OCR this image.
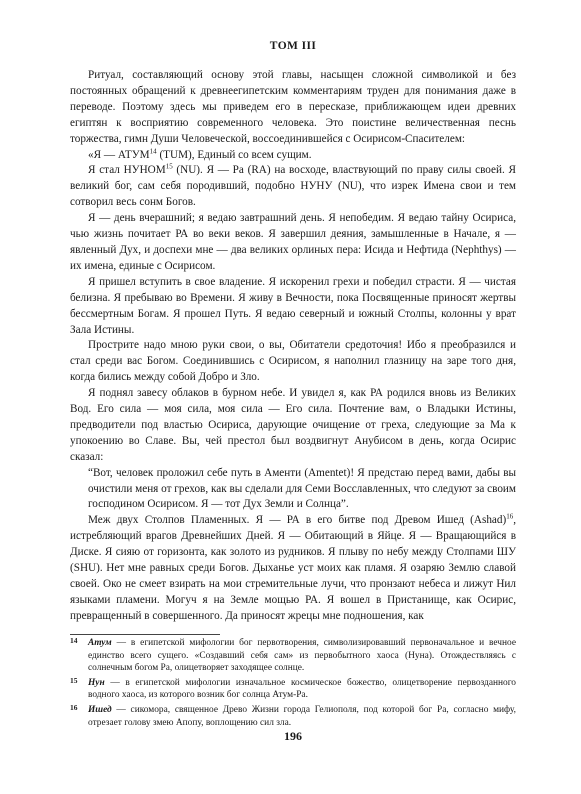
ТОМ III

Ритуал, составляющий основу этой главы, насыщен сложной символикой и без постоянных обращений к древнеегипетским комментариям труден для понимания даже в переводе. Поэтому здесь мы приведем его в пересказе, приближающем идеи древних египтян к восприятию современного человека. Это поистине величественная песнь торжества, гимн Души Человеческой, воссоединившейся с Осирисом-Спасителем:

«Я — АТУМ$^{14}$ (TUM), Единый со всем сущим.

Я стал НУНОМ$^{15}$ (NU). Я — Ра (RA) на восходе, властвующий по праву силы своей. Я великий бог, сам себя породивший, подобно НУНУ (NU), что изрек Имена свои и тем сотворил весь сонм Богов.

Я — день вчерашний; я ведаю завтрашний день. Я непобедим. Я ведаю тайну Осириса, чью жизнь почитает РА во веки веков. Я завершил деяния, замышленные в Начале, я — явленный Дух, и доспехи мне — два великих орлиных пера: Исида и Нефтида (Nephthys) — их имена, единые с Осирисом.

Я пришел вступить в свое владение. Я искоренил грехи и победил страсти. Я — чистая белизна. Я пребываю во Времени. Я живу в Вечности, пока Посвященные приносят жертвы бессмертным Богам. Я прошел Путь. Я ведаю северный и южный Столпы, колонны у врат Зала Истины.

Прострите надо мною руки свои, о вы, Обитатели средоточия! Ибо я преобразился и стал среди вас Богом. Соединившись с Осирисом, я наполнил глазницу на заре того дня, когда бились между собой Добро и Зло.

Я поднял завесу облаков в бурном небе. И увидел я, как РА родился вновь из Великих Вод. Его сила — моя сила, моя сила — Его сила. Почтение вам, о Владыки Истины, предводители под властью Осириса, дарующие очищение от греха, следующие за Ма к упокоению во Славе. Вы, чей престол был воздвигнут Анубисом в день, когда Осирис сказал:

“Вот, человек проложил себе путь в Аменти (Amentet)! Я предстаю перед вами, дабы вы очистили меня от грехов, как вы сделали для Семи Восславленных, что следуют за своим господином Осирисом. Я — тот Дух Земли и Солнца”.

Меж двух Столпов Пламенных. Я — РА в его битве под Древом Ишед (Ashad)$^{16}$, истребляющий врагов Древнейших Дней. Я — Обитающий в Яйце. Я — Вращающийся в Диске. Я сияю от горизонта, как золото из рудников. Я плыву по небу между Столпами ШУ (SHU). Нет мне равных среди Богов. Дыханье уст моих как пламя. Я озаряю Землю славой своей. Око не смеет взирать на мои стремительные лучи, что пронзают небеса и лижут Нил языками пламени. Могуч я на Земле мощью РА. Я вошел в Пристанище, как Осирис, превращенный в совершенного. Да приносят жрецы мне подношения, как

14 Атум — в египетской мифологии бог первотворения, символизировавший первоначальное и вечное единство всего сущего. «Создавший себя сам» из первобытного хаоса (Нуна). Отождествляясь с солнечным богом Ра, олицетворяет заходящее солнце.
15 Нун — в египетской мифологии изначальное космическое божество, олицетворение первозданного водного хаоса, из которого возник бог солнца Атум-Ра.
16 Ишед — сикомора, священное Древо Жизни города Гелиополя, под которой бог Ра, согласно мифу, отрезает голову змею Апопу, воплощению сил зла.
196
